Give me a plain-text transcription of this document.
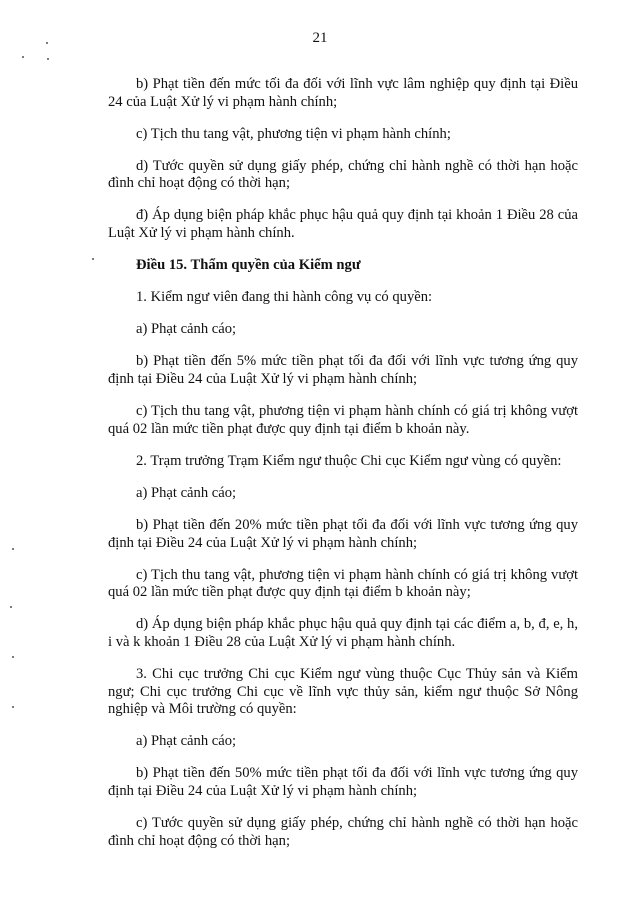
21

b) Phạt tiền đến mức tối đa đối với lĩnh vực lâm nghiệp quy định tại Điều 24 của Luật Xử lý vi phạm hành chính;

c) Tịch thu tang vật, phương tiện vi phạm hành chính;

d) Tước quyền sử dụng giấy phép, chứng chỉ hành nghề có thời hạn hoặc đình chỉ hoạt động có thời hạn;

đ) Áp dụng biện pháp khắc phục hậu quả quy định tại khoản 1 Điều 28 của Luật Xử lý vi phạm hành chính.

Điều 15. Thẩm quyền của Kiểm ngư

1. Kiểm ngư viên đang thi hành công vụ có quyền:

a) Phạt cảnh cáo;

b) Phạt tiền đến 5% mức tiền phạt tối đa đối với lĩnh vực tương ứng quy định tại Điều 24 của Luật Xử lý vi phạm hành chính;

c) Tịch thu tang vật, phương tiện vi phạm hành chính có giá trị không vượt quá 02 lần mức tiền phạt được quy định tại điểm b khoản này.

2. Trạm trưởng Trạm Kiểm ngư thuộc Chi cục Kiểm ngư vùng có quyền:

a) Phạt cảnh cáo;

b) Phạt tiền đến 20% mức tiền phạt tối đa đối với lĩnh vực tương ứng quy định tại Điều 24 của Luật Xử lý vi phạm hành chính;

c) Tịch thu tang vật, phương tiện vi phạm hành chính có giá trị không vượt quá 02 lần mức tiền phạt được quy định tại điểm b khoản này;

d) Áp dụng biện pháp khắc phục hậu quả quy định tại các điểm a, b, đ, e, h, i và k khoản 1 Điều 28 của Luật Xử lý vi phạm hành chính.

3. Chi cục trưởng Chi cục Kiểm ngư vùng thuộc Cục Thủy sản và Kiểm ngư; Chi cục trưởng Chi cục về lĩnh vực thủy sản, kiểm ngư thuộc Sở Nông nghiệp và Môi trường có quyền:

a) Phạt cảnh cáo;

b) Phạt tiền đến 50% mức tiền phạt tối đa đối với lĩnh vực tương ứng quy định tại Điều 24 của Luật Xử lý vi phạm hành chính;

c) Tước quyền sử dụng giấy phép, chứng chỉ hành nghề có thời hạn hoặc đình chỉ hoạt động có thời hạn;
